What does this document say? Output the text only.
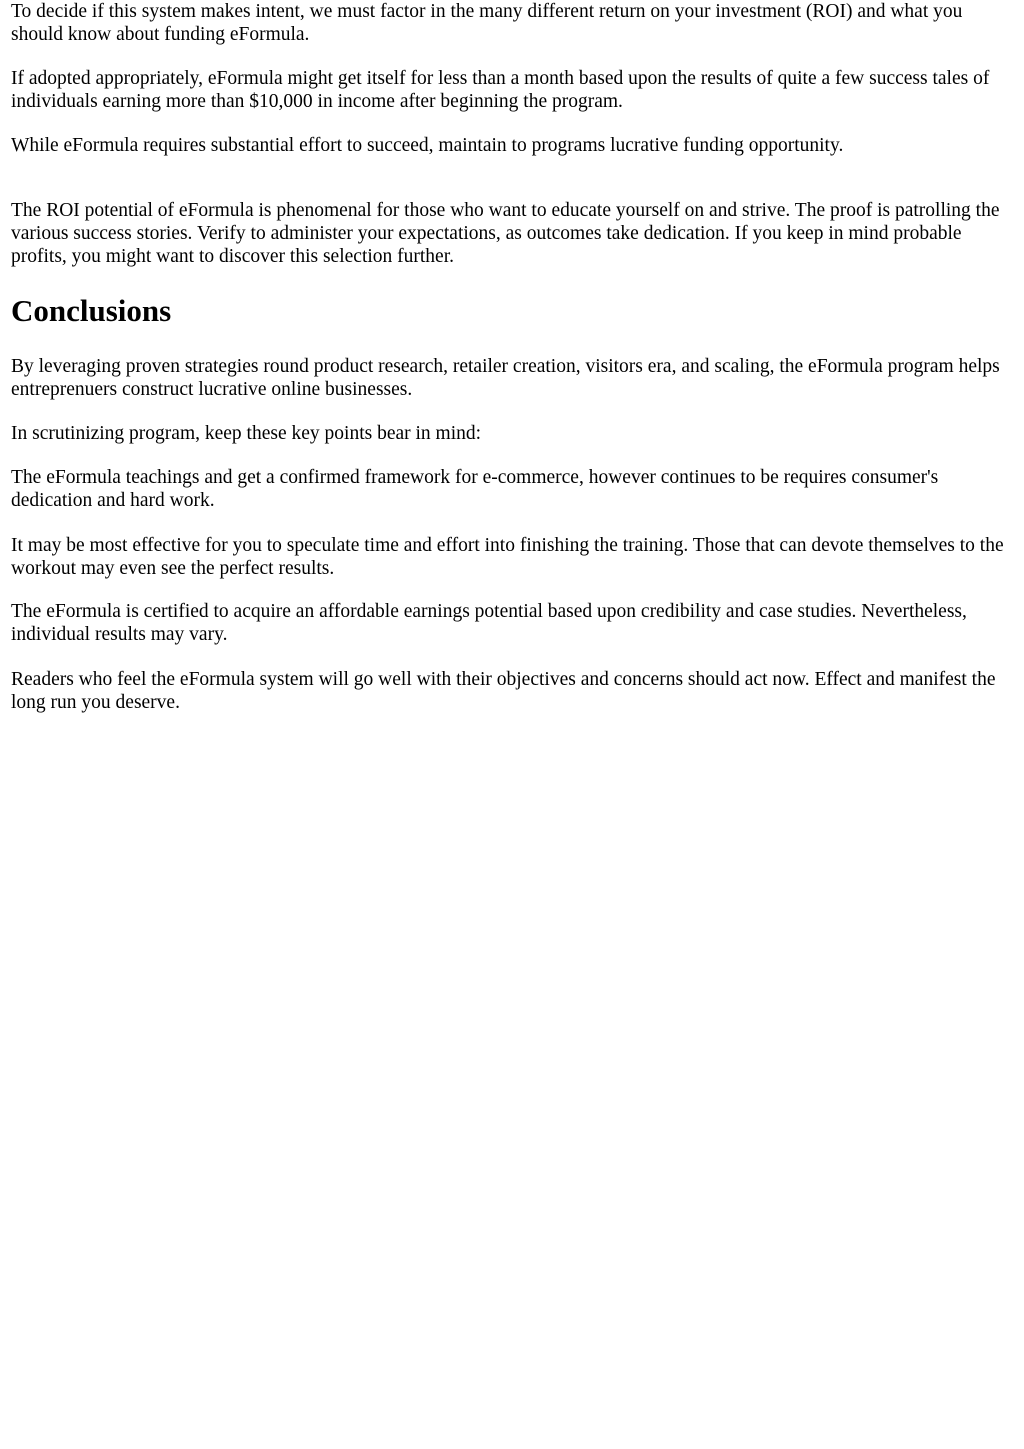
To decide if this system makes intent, we must factor in the many different return on your investment (ROI) and what you should know about funding eFormula.

If adopted appropriately, eFormula might get itself for less than a month based upon the results of quite a few success tales of individuals earning more than $10,000 in income after beginning the program.

While eFormula requires substantial effort to succeed, maintain to programs lucrative funding opportunity.

The ROI potential of eFormula is phenomenal for those who want to educate yourself on and strive. The proof is patrolling the various success stories. Verify to administer your expectations, as outcomes take dedication. If you keep in mind probable profits, you might want to discover this selection further.

Conclusions

By leveraging proven strategies round product research, retailer creation, visitors era, and scaling, the eFormula program helps entreprenuers construct lucrative online businesses.

In scrutinizing program, keep these key points bear in mind:

The eFormula teachings and get a confirmed framework for e-commerce, however continues to be requires consumer's dedication and hard work.

It may be most effective for you to speculate time and effort into finishing the training. Those that can devote themselves to the workout may even see the perfect results.

The eFormula is certified to acquire an affordable earnings potential based upon credibility and case studies. Nevertheless, individual results may vary.

Readers who feel the eFormula system will go well with their objectives and concerns should act now. Effect and manifest the long run you deserve.
